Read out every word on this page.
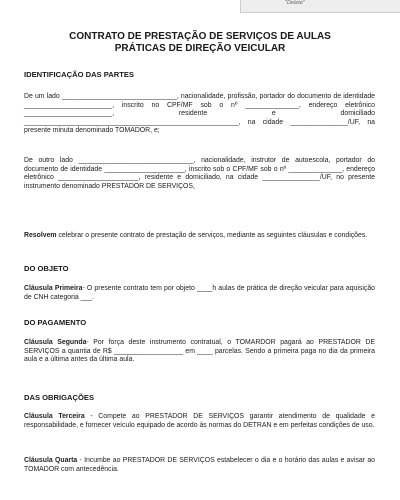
"Delete"
CONTRATO DE PRESTAÇÃO DE SERVIÇOS DE AULAS
PRÁTICAS DE DIREÇÃO VEICULAR
IDENTIFICAÇÃO DAS PARTES

De um lado ______________________________, nacionalidade, profissão, portador do documento de identidade _______________________, inscrito no CPF/MF sob o nº ______________, endereço eletrônico _______________________, residente e domiciliado ________________________________________________________, na cidade _______________/UF, na presente minuta denominado TOMADOR, e;

De outro lado ______________________________, nacionalidade, instrutor de autoescola, portador do documento de identidade _____________________, inscrito sob o CPF/MF sob o nº ______________, endereço eletrônico _____________________, residente e domiciliado, na cidade _______________/UF, no presente instrumento denominado PRESTADOR DE SERVIÇOS,

Resolvem celebrar o presente contrato de prestação de serviços, mediante as seguintes cláusulas e condições.

DO OBJETO

Cláusula Primeira- O presente contrato tem por objeto ____h aulas de prática de direção veicular para aquisição de CNH categoria ___.

DO PAGAMENTO

Cláusula Segunda- Por força deste instrumento contratual, o TOMARDOR pagará ao PRESTADOR DE SERVIÇOS a quantia de R$ __________________ em ____ parcelas. Sendo a primeira paga no dia da primeira aula e a última antes da última aula.

DAS OBRIGAÇÕES

Cláusula Terceira - Compete ao PRESTADOR DE SERVIÇOS garantir atendimento de qualidade e responsabilidade, e fornecer veículo equipado de acordo às normas do DETRAN e em perfeitas condições de uso.

Cláusula Quarta - Incumbe ao PRESTADOR DE SERVIÇOS estabelecer o dia e o horário das aulas e avisar ao TOMADOR com antecedência.
